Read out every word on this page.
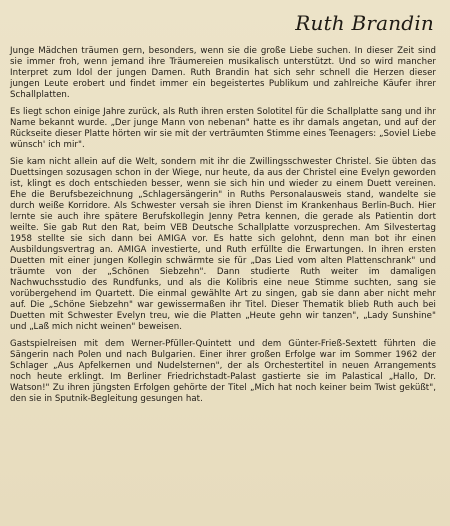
Ruth Brandin

Junge Mädchen träumen gern, besonders, wenn sie die große Liebe suchen. In dieser Zeit sind sie immer froh, wenn jemand ihre Träumereien musikalisch unterstützt. Und so wird mancher Interpret zum Idol der jungen Damen. Ruth Brandin hat sich sehr schnell die Herzen dieser jungen Leute erobert und findet immer ein begeistertes Publikum und zahlreiche Käufer ihrer Schallplatten.

Es liegt schon einige Jahre zurück, als Ruth ihren ersten Solotitel für die Schallplatte sang und ihr Name bekannt wurde. „Der junge Mann von nebenan" hatte es ihr damals angetan, und auf der Rückseite dieser Platte hörten wir sie mit der verträumten Stimme eines Teenagers: „Soviel Liebe wünsch' ich mir".

Sie kam nicht allein auf die Welt, sondern mit ihr die Zwillingsschwester Christel. Sie übten das Duettsingen sozusagen schon in der Wiege, nur heute, da aus der Christel eine Evelyn geworden ist, klingt es doch entschieden besser, wenn sie sich hin und wieder zu einem Duett vereinen. Ehe die Berufsbezeichnung „Schlagersängerin" in Ruths Personalausweis stand, wandelte sie durch weiße Korridore. Als Schwester versah sie ihren Dienst im Krankenhaus Berlin-Buch. Hier lernte sie auch ihre spätere Berufskollegin Jenny Petra kennen, die gerade als Patientin dort weilte. Sie gab Rut den Rat, beim VEB Deutsche Schallplatte vorzusprechen. Am Silvestertag 1958 stellte sie sich dann bei AMIGA vor. Es hatte sich gelohnt, denn man bot ihr einen Ausbildungsvertrag an. AMIGA investierte, und Ruth erfüllte die Erwartungen. In ihren ersten Duetten mit einer jungen Kollegin schwärmte sie für „Das Lied vom alten Plattenschrank" und träumte von der „Schönen Siebzehn". Dann studierte Ruth weiter im damaligen Nachwuchsstudio des Rundfunks, und als die Kolibris eine neue Stimme suchten, sang sie vorübergehend im Quartett. Die einmal gewählte Art zu singen, gab sie dann aber nicht mehr auf. Die „Schöne Siebzehn" war gewissermaßen ihr Titel. Dieser Thematik blieb Ruth auch bei Duetten mit Schwester Evelyn treu, wie die Platten „Heute gehn wir tanzen", „Lady Sunshine" und „Laß mich nicht weinen" beweisen.

Gastspielreisen mit dem Werner-Pfüller-Quintett und dem Günter-Frieß-Sextett führten die Sängerin nach Polen und nach Bulgarien. Einer ihrer großen Erfolge war im Sommer 1962 der Schlager „Aus Apfelkernen und Nudelsternen", der als Orchestertitel in neuen Arrangements noch heute erklingt. Im Berliner Friedrichstadt-Palast gastierte sie im Palastical „Hallo, Dr. Watson!" Zu ihren jüngsten Erfolgen gehörte der Titel „Mich hat noch keiner beim Twist geküßt", den sie in Sputnik-Begleitung gesungen hat.
